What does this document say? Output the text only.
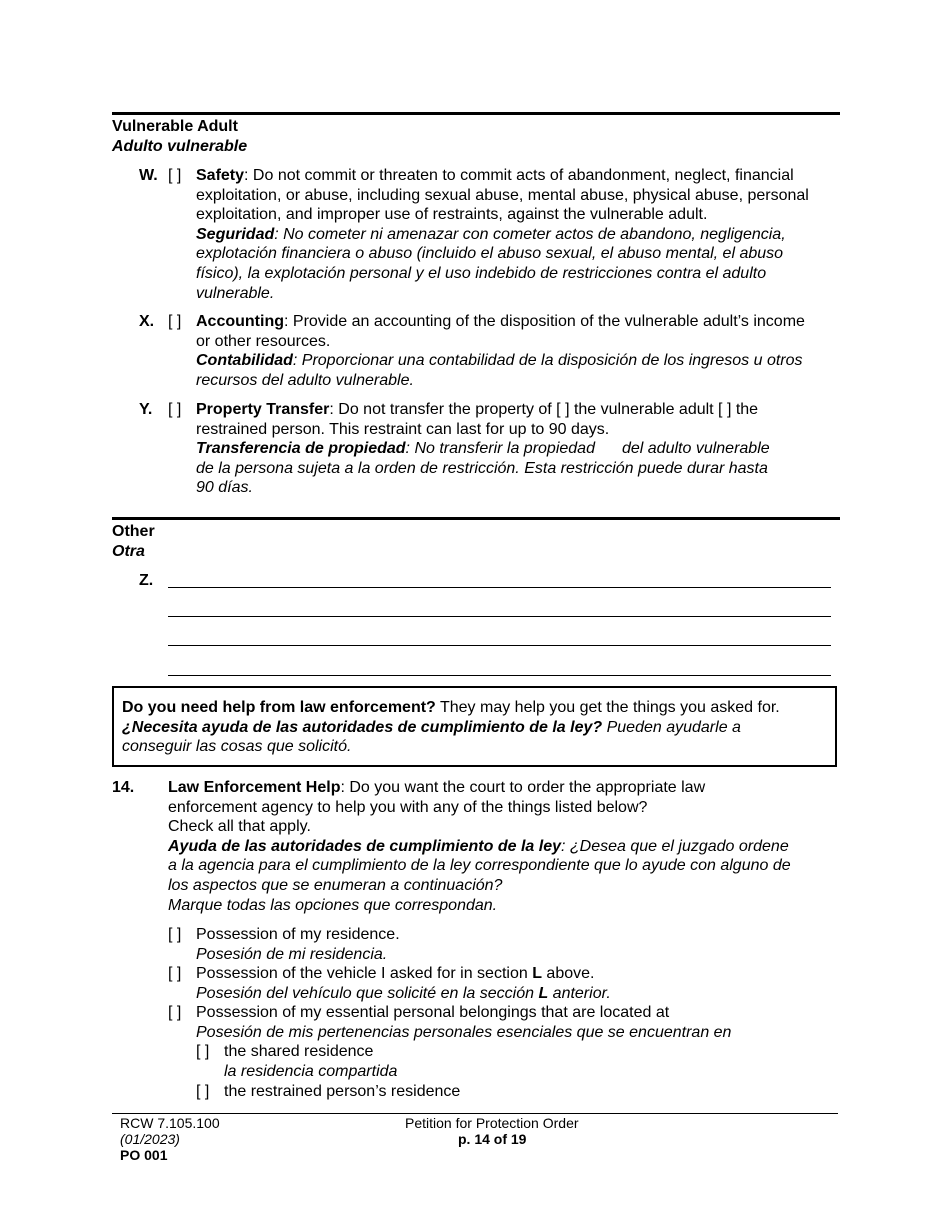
Vulnerable Adult
Adulto vulnerable
W. [ ] Safety: Do not commit or threaten to commit acts of abandonment, neglect, financial
exploitation, or abuse, including sexual abuse, mental abuse, physical abuse, personal
exploitation, and improper use of restraints, against the vulnerable adult.
Seguridad: No cometer ni amenazar con cometer actos de abandono, negligencia,
explotación financiera o abuso (incluido el abuso sexual, el abuso mental, el abuso
físico), la explotación personal y el uso indebido de restricciones contra el adulto
vulnerable.
X. [ ] Accounting: Provide an accounting of the disposition of the vulnerable adult’s income
or other resources.
Contabilidad: Proporcionar una contabilidad de la disposición de los ingresos u otros
recursos del adulto vulnerable.
Y. [ ] Property Transfer: Do not transfer the property of [ ] the vulnerable adult [ ] the
restrained person. This restraint can last for up to 90 days.
Transferencia de propiedad: No transferir la propiedad del adulto vulnerable
de la persona sujeta a la orden de restricción. Esta restricción puede durar hasta
90 días.
Other
Otra
Z.
Do you need help from law enforcement? They may help you get the things you asked for.
¿Necesita ayuda de las autoridades de cumplimiento de la ley? Pueden ayudarle a
conseguir las cosas que solicitó.
14. Law Enforcement Help: Do you want the court to order the appropriate law
enforcement agency to help you with any of the things listed below?
Check all that apply.
Ayuda de las autoridades de cumplimiento de la ley: ¿Desea que el juzgado ordene
a la agencia para el cumplimiento de la ley correspondiente que lo ayude con alguno de
los aspectos que se enumeran a continuación?
Marque todas las opciones que correspondan.
[ ] Possession of my residence.
Posesión de mi residencia.
[ ] Possession of the vehicle I asked for in section L above.
Posesión del vehículo que solicité en la sección L anterior.
[ ] Possession of my essential personal belongings that are located at
Posesión de mis pertenencias personales esenciales que se encuentran en
[ ] the shared residence
la residencia compartida
[ ] the restrained person’s residence
RCW 7.105.100
(01/2023)
PO 001
Petition for Protection Order
p. 14 of 19
